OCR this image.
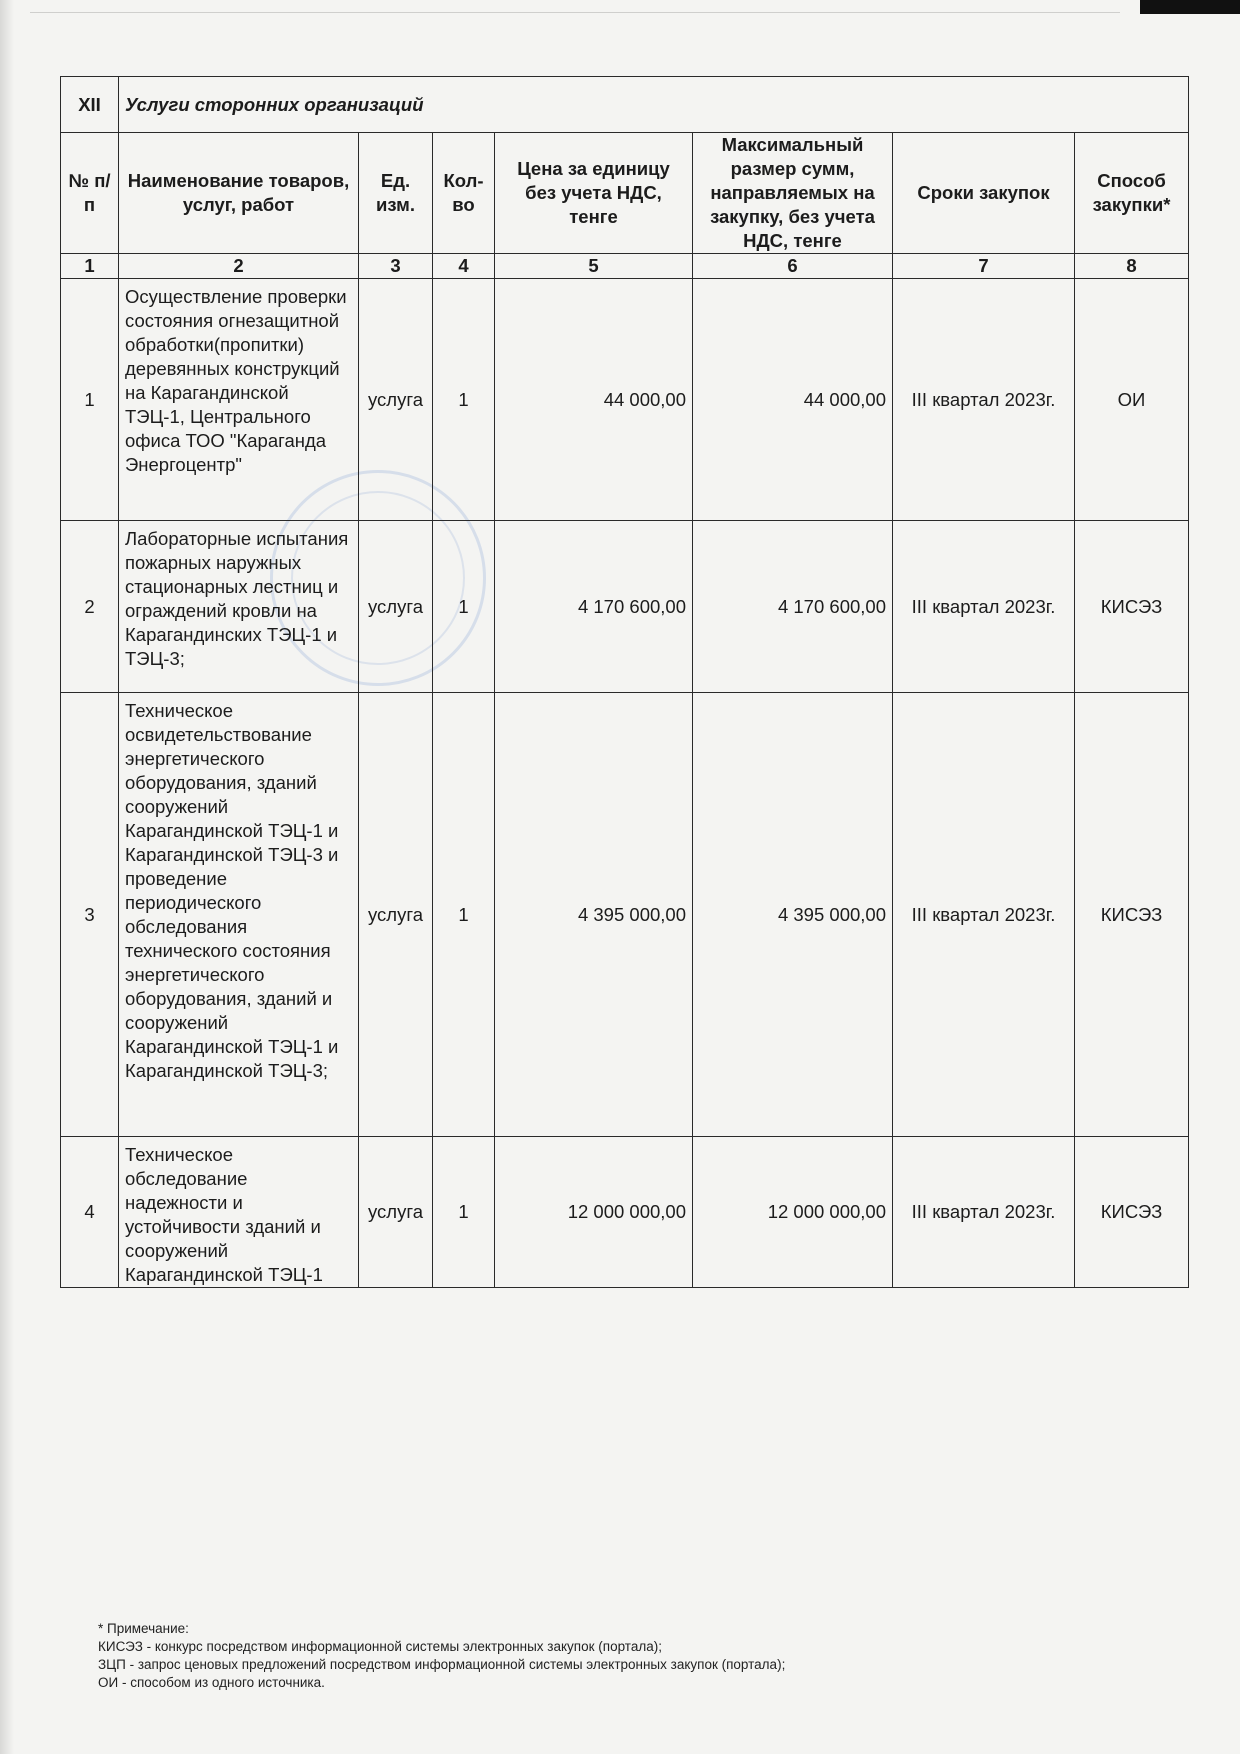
XII	Услуги сторонних организаций						
№ п/п	Наименование товаров, услуг, работ	Ед. изм.	Кол-во	Цена за единицу без учета НДС, тенге	Максимальный размер сумм, направляемых на закупку, без учета НДС, тенге	Сроки закупок	Способ закупки*
1	2	3	4	5	6	7	8
1	Осуществление проверки состояния огнезащитной обработки(пропитки) деревянных конструкций на Карагандинской ТЭЦ-1, Центрального офиса ТОО "Караганда Энергоцентр"	услуга	1	44 000,00	44 000,00	III квартал 2023г.	ОИ
2	Лабораторные испытания пожарных наружных стационарных лестниц и ограждений кровли на Карагандинских ТЭЦ-1 и ТЭЦ-3;	услуга	1	4 170 600,00	4 170 600,00	III квартал 2023г.	КИСЭЗ
3	Техническое освидетельствование энергетического оборудования, зданий сооружений Карагандинской ТЭЦ-1 и Карагандинской ТЭЦ-3 и проведение периодического обследования технического состояния энергетического оборудования, зданий и сооружений Карагандинской ТЭЦ-1 и Карагандинской ТЭЦ-3;	услуга	1	4 395 000,00	4 395 000,00	III квартал 2023г.	КИСЭЗ
4	Техническое обследование надежности и устойчивости зданий и сооружений Карагандинской ТЭЦ-1	услуга	1	12 000 000,00	12 000 000,00	III квартал 2023г.	КИСЭЗ
* Примечание:
КИСЭЗ - конкурс посредством информационной системы электронных закупок (портала);
ЗЦП - запрос ценовых предложений посредством информационной системы электронных закупок (портала);
ОИ - способом из одного источника.
